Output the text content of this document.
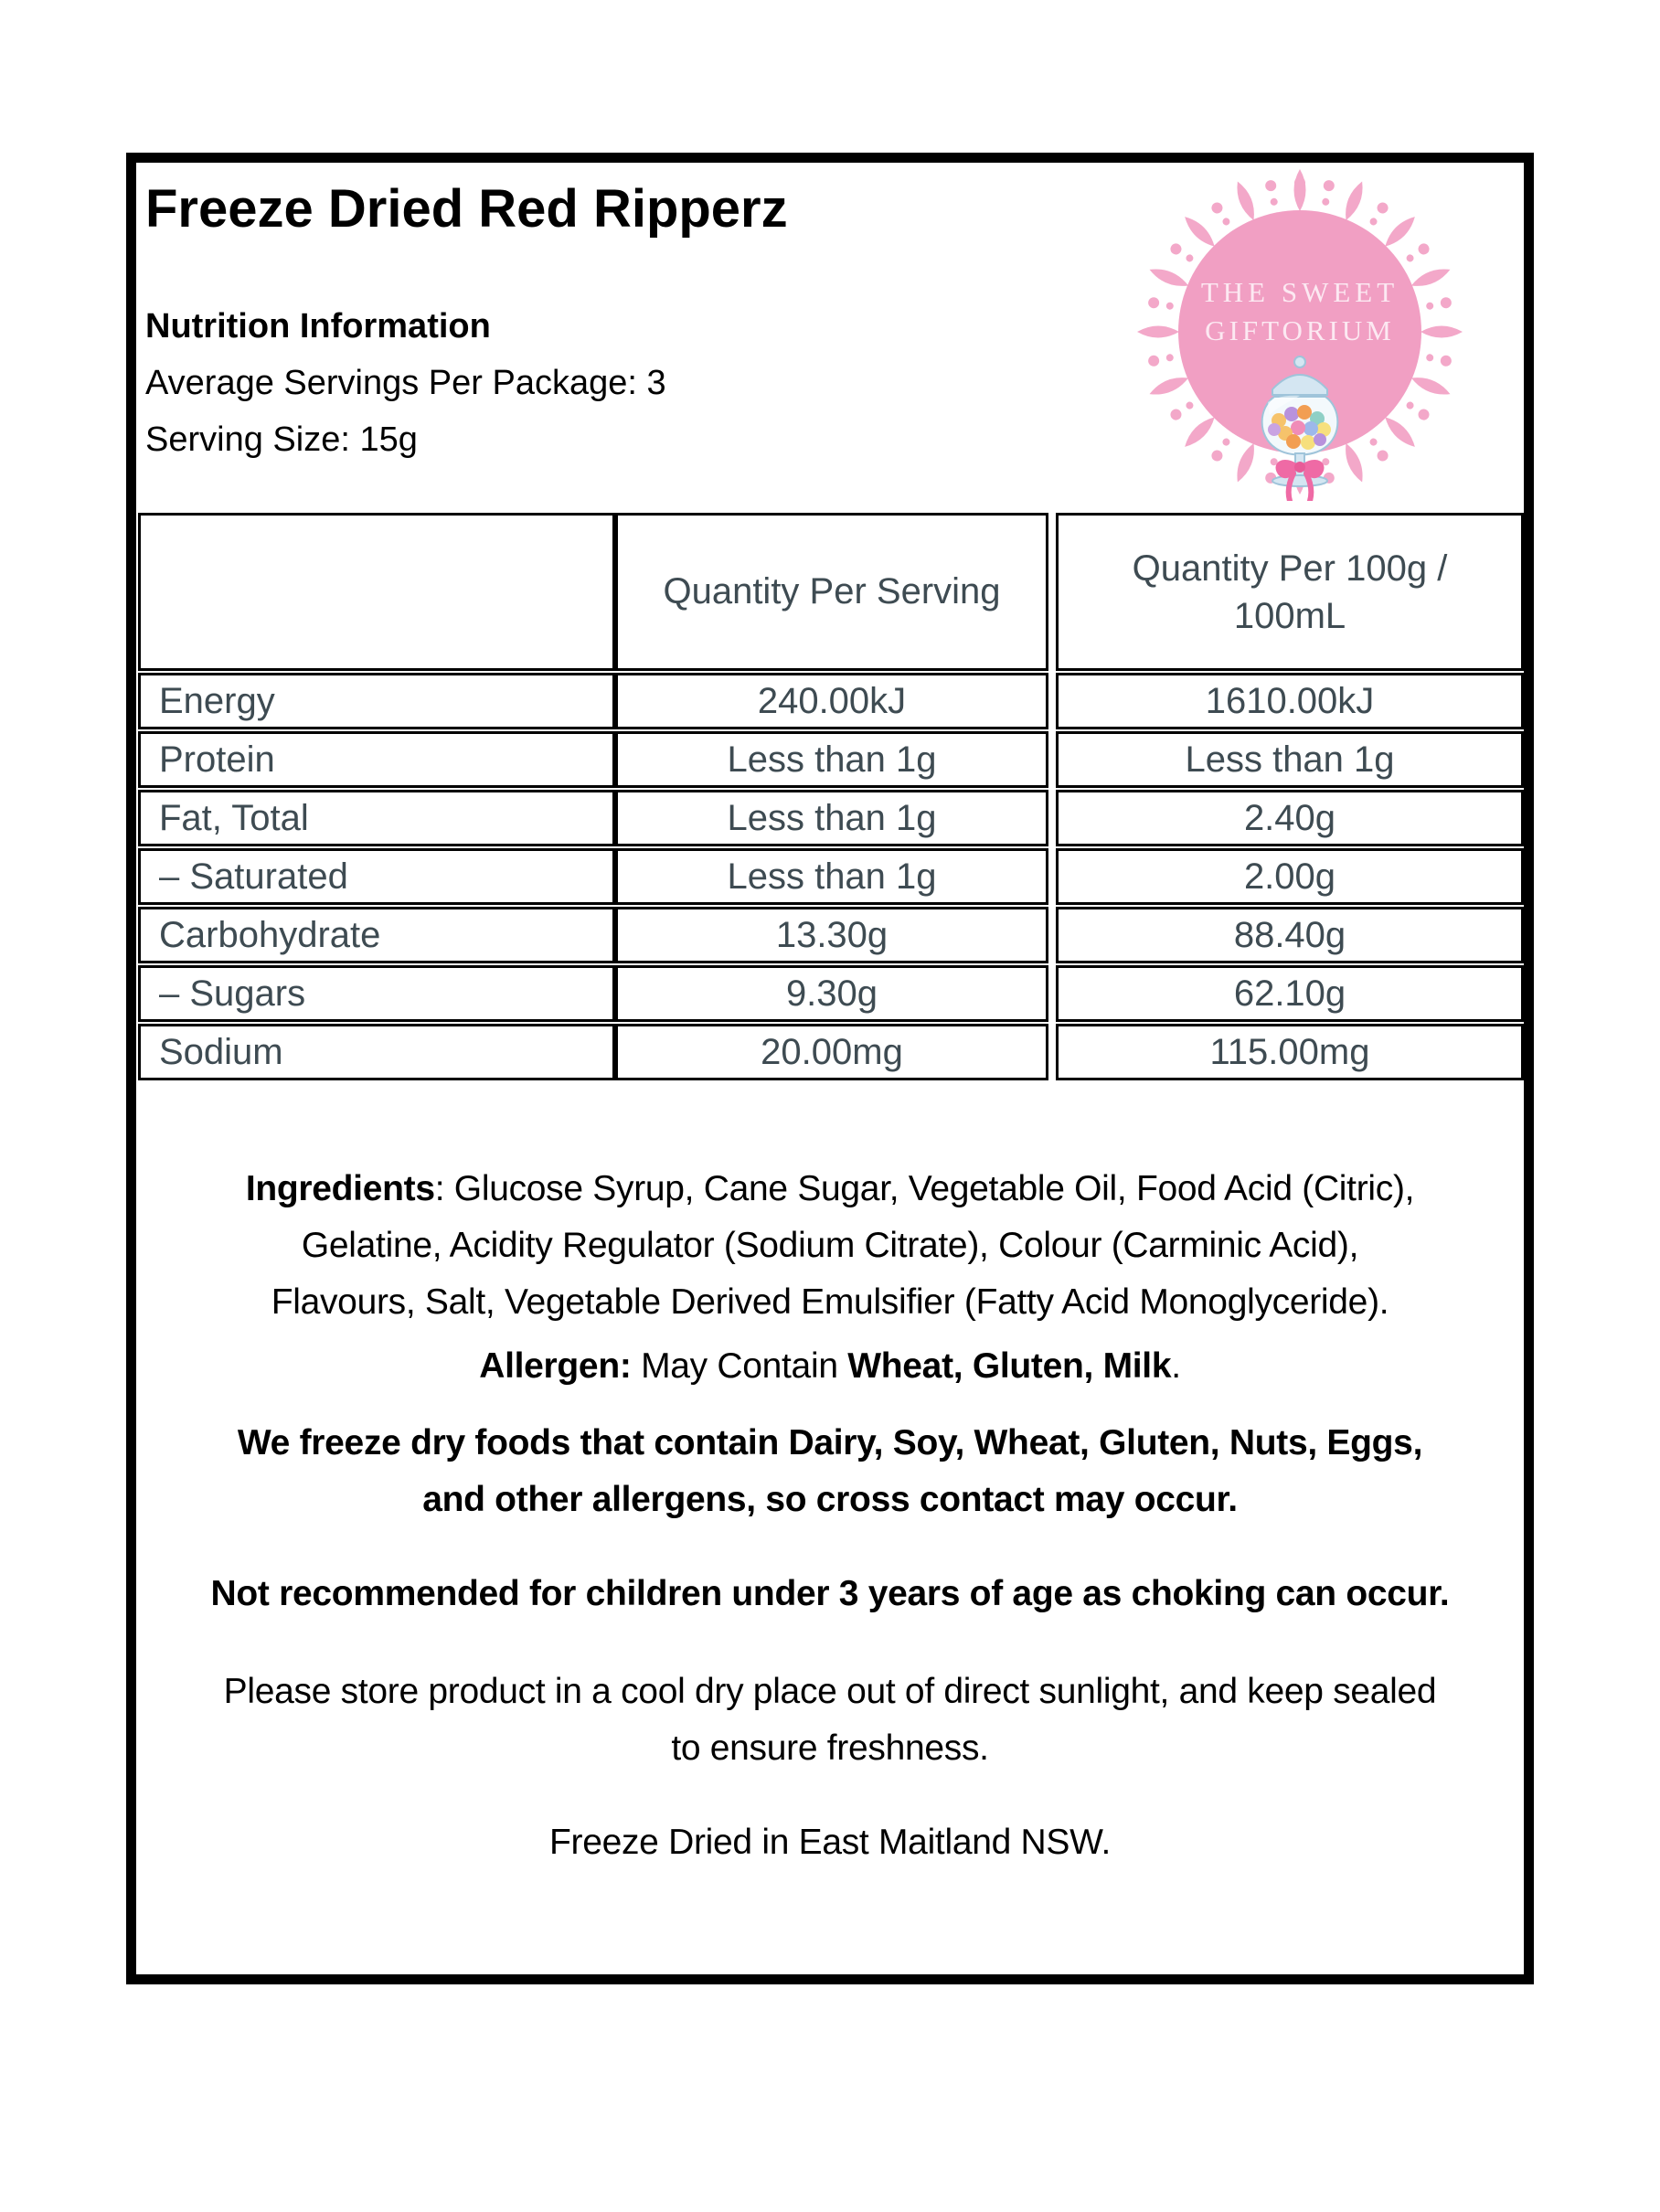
Freeze Dried Red Ripperz
Nutrition Information
Average Servings Per Package: 3
Serving Size: 15g
THE SWEET
GIFTORIUM
Energy
Protein
Fat, Total
– Saturated
Carbohydrate
– Sugars
Sodium
Quantity Per Serving
240.00kJ
Less than 1g
Less than 1g
Less than 1g
13.30g
9.30g
20.00mg
Quantity Per 100g / 100mL
1610.00kJ
Less than 1g
2.40g
2.00g
88.40g
62.10g
115.00mg
Ingredients: Glucose Syrup, Cane Sugar, Vegetable Oil, Food Acid (Citric),
Gelatine, Acidity Regulator (Sodium Citrate), Colour (Carminic Acid),
Flavours, Salt, Vegetable Derived Emulsifier (Fatty Acid Monoglyceride).
Allergen: May Contain Wheat, Gluten, Milk.
We freeze dry foods that contain Dairy, Soy, Wheat, Gluten, Nuts, Eggs,
and other allergens, so cross contact may occur.
Not recommended for children under 3 years of age as choking can occur.
Please store product in a cool dry place out of direct sunlight, and keep sealed
to ensure freshness.
Freeze Dried in East Maitland NSW.
